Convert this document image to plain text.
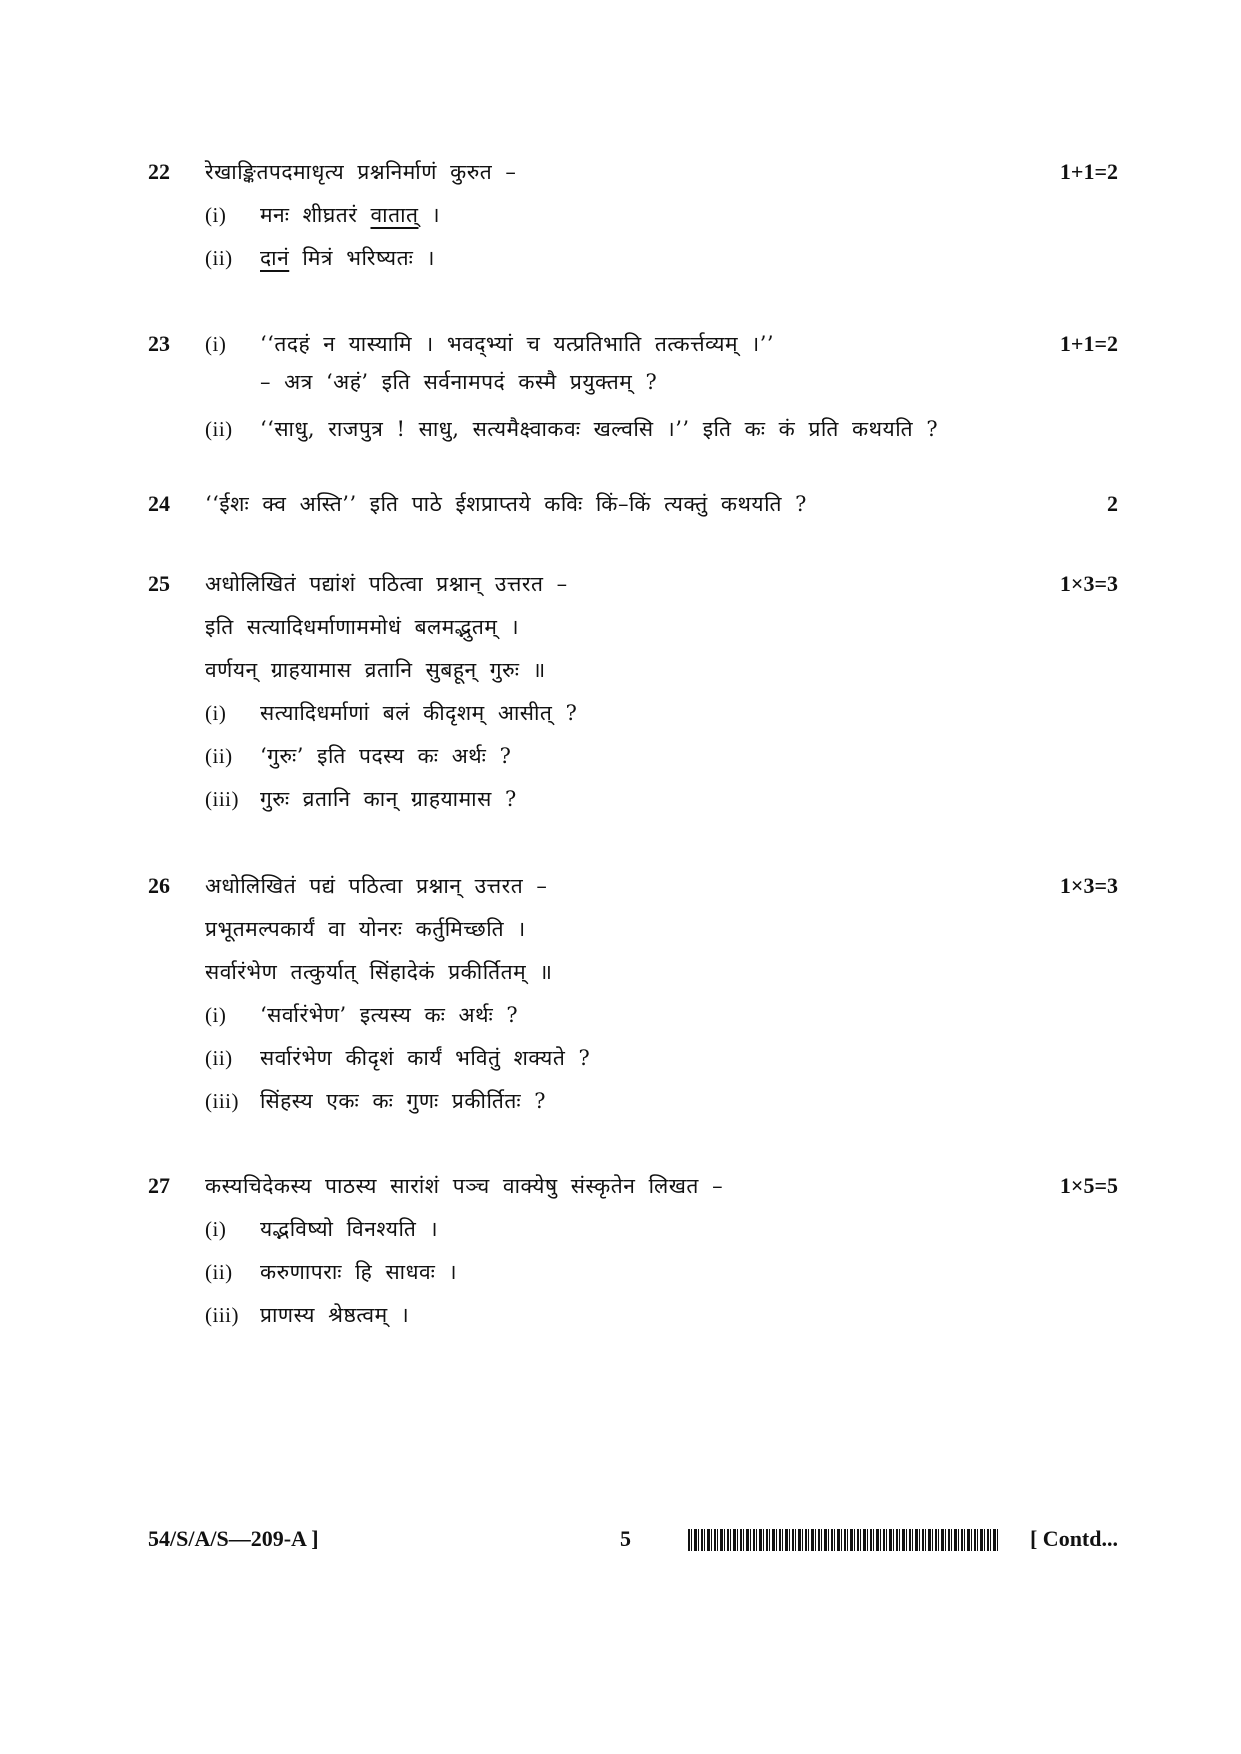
22 रेखाङ्कितपदमाधृत्य प्रश्ननिर्माणं कुरुत –	1+1=2
(i) मनः शीघ्रतरं वातात् ।
(ii) दानं मित्रं भरिष्यतः ।
23 (i) ‘‘तदहं न यास्यामि । भवद्भ्यां च यत्प्रतिभाति तत्कर्त्तव्यम् ।’’	1+1=2
– अत्र ‘अहं’ इति सर्वनामपदं कस्मै प्रयुक्तम् ?
(ii) ‘‘साधु, राजपुत्र ! साधु, सत्यमैक्ष्वाकवः खल्वसि ।’’ इति कः कं प्रति कथयति ?
24 ‘‘ईशः क्व अस्ति’’ इति पाठे ईशप्राप्तये कविः किं–किं त्यक्तुं कथयति ?	2
25 अधोलिखितं पद्यांशं पठित्वा प्रश्नान् उत्तरत –	1×3=3
इति सत्यादिधर्माणाममोधं बलमद्भुतम् ।
वर्णयन् ग्राहयामास व्रतानि सुबहून् गुरुः ॥
(i) सत्यादिधर्माणां बलं कीदृशम् आसीत् ?
(ii) ‘गुरुः’ इति पदस्य कः अर्थः ?
(iii) गुरुः व्रतानि कान् ग्राहयामास ?
26 अधोलिखितं पद्यं पठित्वा प्रश्नान् उत्तरत –	1×3=3
प्रभूतमल्पकार्यं वा योनरः कर्तुमिच्छति ।
सर्वारंभेण तत्कुर्यात् सिंहादेकं प्रकीर्तितम् ॥
(i) ‘सर्वारंभेण’ इत्यस्य कः अर्थः ?
(ii) सर्वारंभेण कीदृशं कार्यं भवितुं शक्यते ?
(iii) सिंहस्य एकः कः गुणः प्रकीर्तितः ?
27 कस्यचिदेकस्य पाठस्य सारांशं पञ्च वाक्येषु संस्कृतेन लिखत –	1×5=5
(i) यद्भविष्यो विनश्यति ।
(ii) करुणापराः हि साधवः ।
(iii) प्राणस्य श्रेष्ठत्वम् ।
54/S/A/S—209-A ]	5	[ Contd...
